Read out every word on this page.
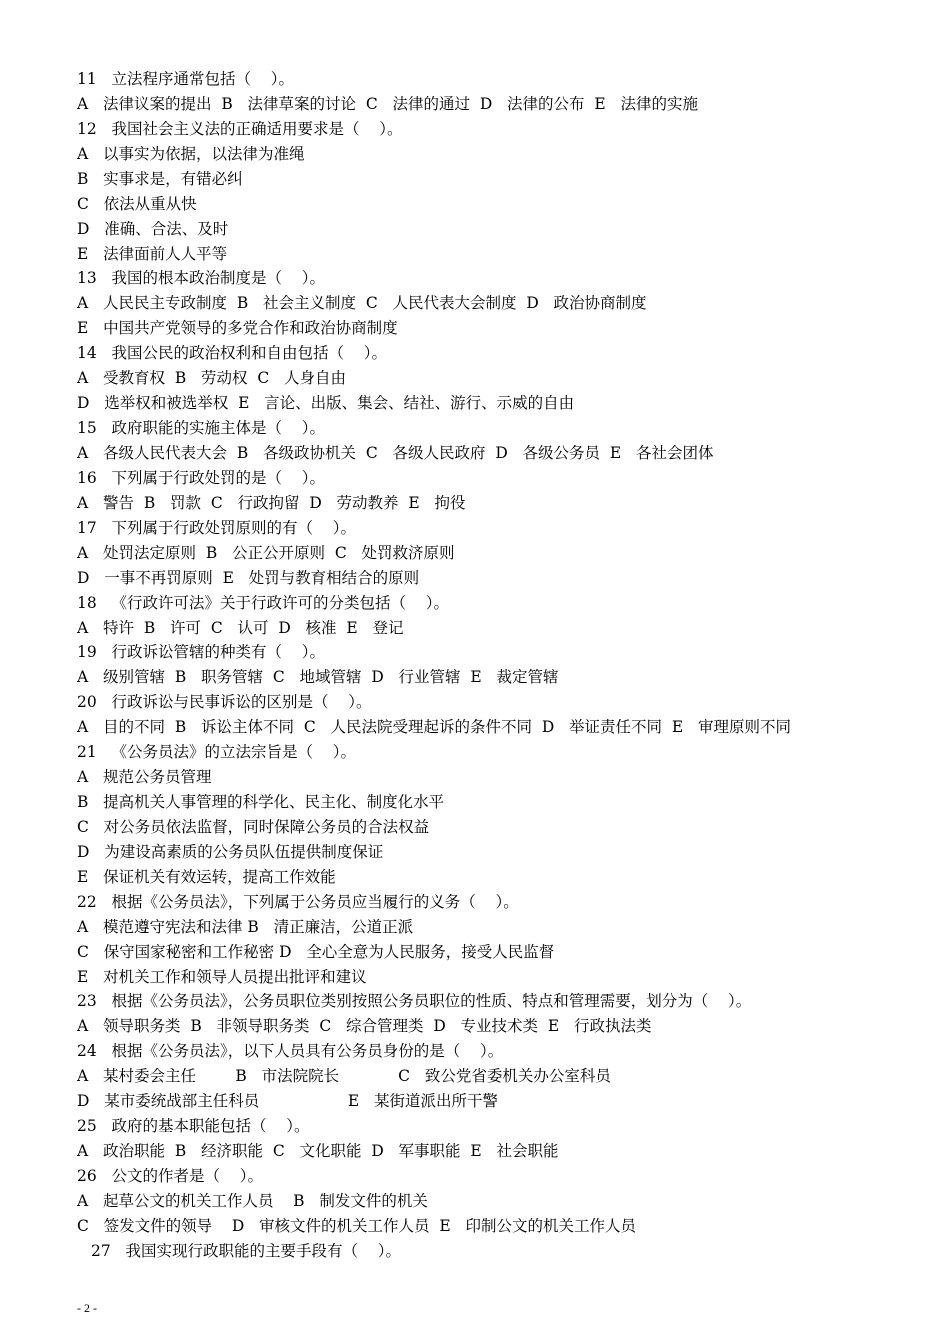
11   立法程序通常包括（    ）。
A   法律议案的提出  B   法律草案的讨论  C   法律的通过  D   法律的公布  E   法律的实施
12   我国社会主义法的正确适用要求是（    ）。
A   以事实为依据，以法律为准绳
B   实事求是，有错必纠
C   依法从重从快
D   准确、合法、及时
E   法律面前人人平等
13   我国的根本政治制度是（    ）。
A   人民民主专政制度  B   社会主义制度  C   人民代表大会制度  D   政治协商制度
E   中国共产党领导的多党合作和政治协商制度
14   我国公民的政治权利和自由包括（    ）。
A   受教育权  B   劳动权  C   人身自由
D   选举权和被选举权  E   言论、出版、集会、结社、游行、示威的自由
15   政府职能的实施主体是（    ）。
A   各级人民代表大会  B   各级政协机关  C   各级人民政府  D   各级公务员  E   各社会团体
16   下列属于行政处罚的是（    ）。
A   警告  B   罚款  C   行政拘留  D   劳动教养  E   拘役
17   下列属于行政处罚原则的有（    ）。
A   处罚法定原则  B   公正公开原则  C   处罚救济原则
D   一事不再罚原则  E   处罚与教育相结合的原则
18   《行政许可法》关于行政许可的分类包括（    ）。
A   特许  B   许可  C   认可  D   核准  E   登记
19   行政诉讼管辖的种类有（    ）。
A   级别管辖  B   职务管辖  C   地域管辖  D   行业管辖  E   裁定管辖
20   行政诉讼与民事诉讼的区别是（    ）。
A   目的不同  B   诉讼主体不同  C   人民法院受理起诉的条件不同  D   举证责任不同  E   审理原则不同
21   《公务员法》的立法宗旨是（    ）。
A   规范公务员管理
B   提高机关人事管理的科学化、民主化、制度化水平
C   对公务员依法监督，同时保障公务员的合法权益
D   为建设高素质的公务员队伍提供制度保证
E   保证机关有效运转，提高工作效能
22   根据《公务员法》，下列属于公务员应当履行的义务（    ）。
A   模范遵守宪法和法律 B   清正廉洁，公道正派
C   保守国家秘密和工作秘密 D   全心全意为人民服务，接受人民监督
E   对机关工作和领导人员提出批评和建议
23   根据《公务员法》，公务员职位类别按照公务员职位的性质、特点和管理需要，划分为（    ）。
A   领导职务类  B   非领导职务类  C   综合管理类  D   专业技术类  E   行政执法类
24   根据《公务员法》，以下人员具有公务员身份的是（    ）。
A   某村委会主任        B   市法院院长            C   致公党省委机关办公室科员
D   某市委统战部主任科员                  E   某街道派出所干警
25   政府的基本职能包括（    ）。
A   政治职能  B   经济职能  C   文化职能  D   军事职能  E   社会职能
26   公文的作者是（    ）。
A   起草公文的机关工作人员    B   制发文件的机关
C   签发文件的领导    D   审核文件的机关工作人员  E   印制公文的机关工作人员
27   我国实现行政职能的主要手段有（    ）。
- 2 -
